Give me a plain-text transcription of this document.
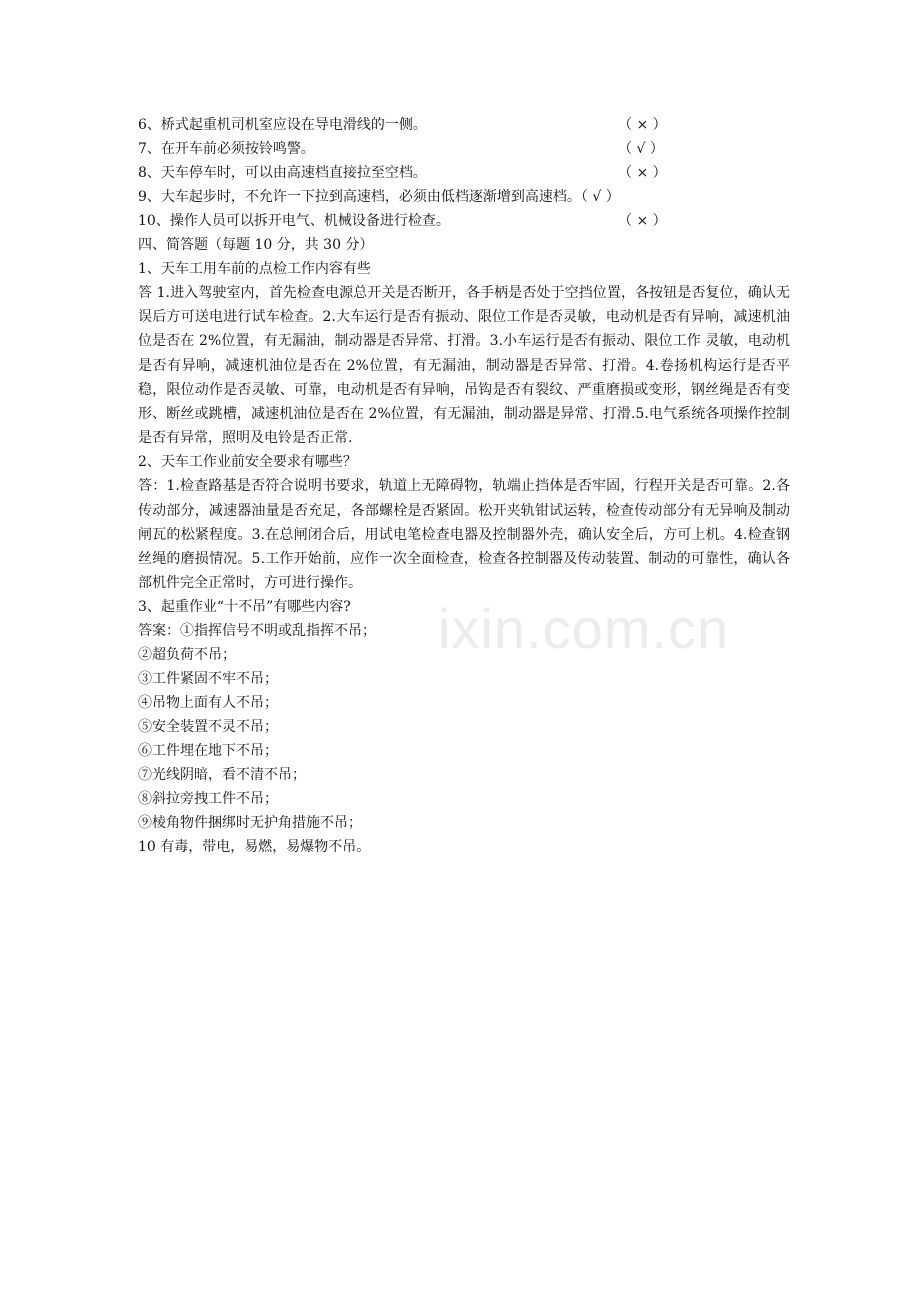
6、桥式起重机司机室应设在导电滑线的一侧。	（ × ）
7、在开车前必须按铃鸣警。	（ √ ）
8、天车停车时，可以由高速档直接拉至空档。	（ × ）
9、大车起步时，不允许一下拉到高速档，必须由低档逐渐增到高速档。（ √ ）
10、操作人员可以拆开电气、机械设备进行检查。	（ × ）
四、简答题（每题 10 分，共 30 分）
1、天车工用车前的点检工作内容有些
答 1.进入驾驶室内，首先检查电源总开关是否断开，各手柄是否处于空挡位置，各按钮是否复位，确认无误后方可送电进行试车检查。2.大车运行是否有振动、限位工作是否灵敏，电动机是否有异响，减速机油位是否在 2%位置，有无漏油，制动器是否异常、打滑。3.小车运行是否有振动、限位工作 灵敏，电动机是否有异响，减速机油位是否在 2%位置，有无漏油，制动器是否异常、打滑。4.卷扬机构运行是否平稳，限位动作是否灵敏、可靠，电动机是否有异响，吊钩是否有裂纹、严重磨损或变形，钢丝绳是否有变形、断丝或跳槽，减速机油位是否在 2%位置，有无漏油，制动器是异常、打滑.5.电气系统各项操作控制是否有异常，照明及电铃是否正常.
2、天车工作业前安全要求有哪些？
答：1.检查路基是否符合说明书要求，轨道上无障碍物，轨端止挡体是否牢固，行程开关是否可靠。2.各传动部分，减速器油量是否充足，各部螺栓是否紧固。松开夹轨钳试运转，检查传动部分有无异响及制动闸瓦的松紧程度。3.在总闸闭合后，用试电笔检查电器及控制器外壳，确认安全后，方可上机。4.检查钢丝绳的磨损情况。5.工作开始前，应作一次全面检查，检查各控制器及传动装置、制动的可靠性，确认各部机件完全正常时，方可进行操作。
3、起重作业“十不吊”有哪些内容?
答案：①指挥信号不明或乱指挥不吊；
②超负荷不吊；
③工件紧固不牢不吊；
④吊物上面有人不吊；
⑤安全装置不灵不吊；
⑥工件埋在地下不吊；
⑦光线阴暗，看不清不吊；
⑧斜拉旁拽工件不吊；
⑨棱角物件捆绑时无护角措施不吊；
10 有毒，带电，易燃，易爆物不吊。
ixin.com.cn
